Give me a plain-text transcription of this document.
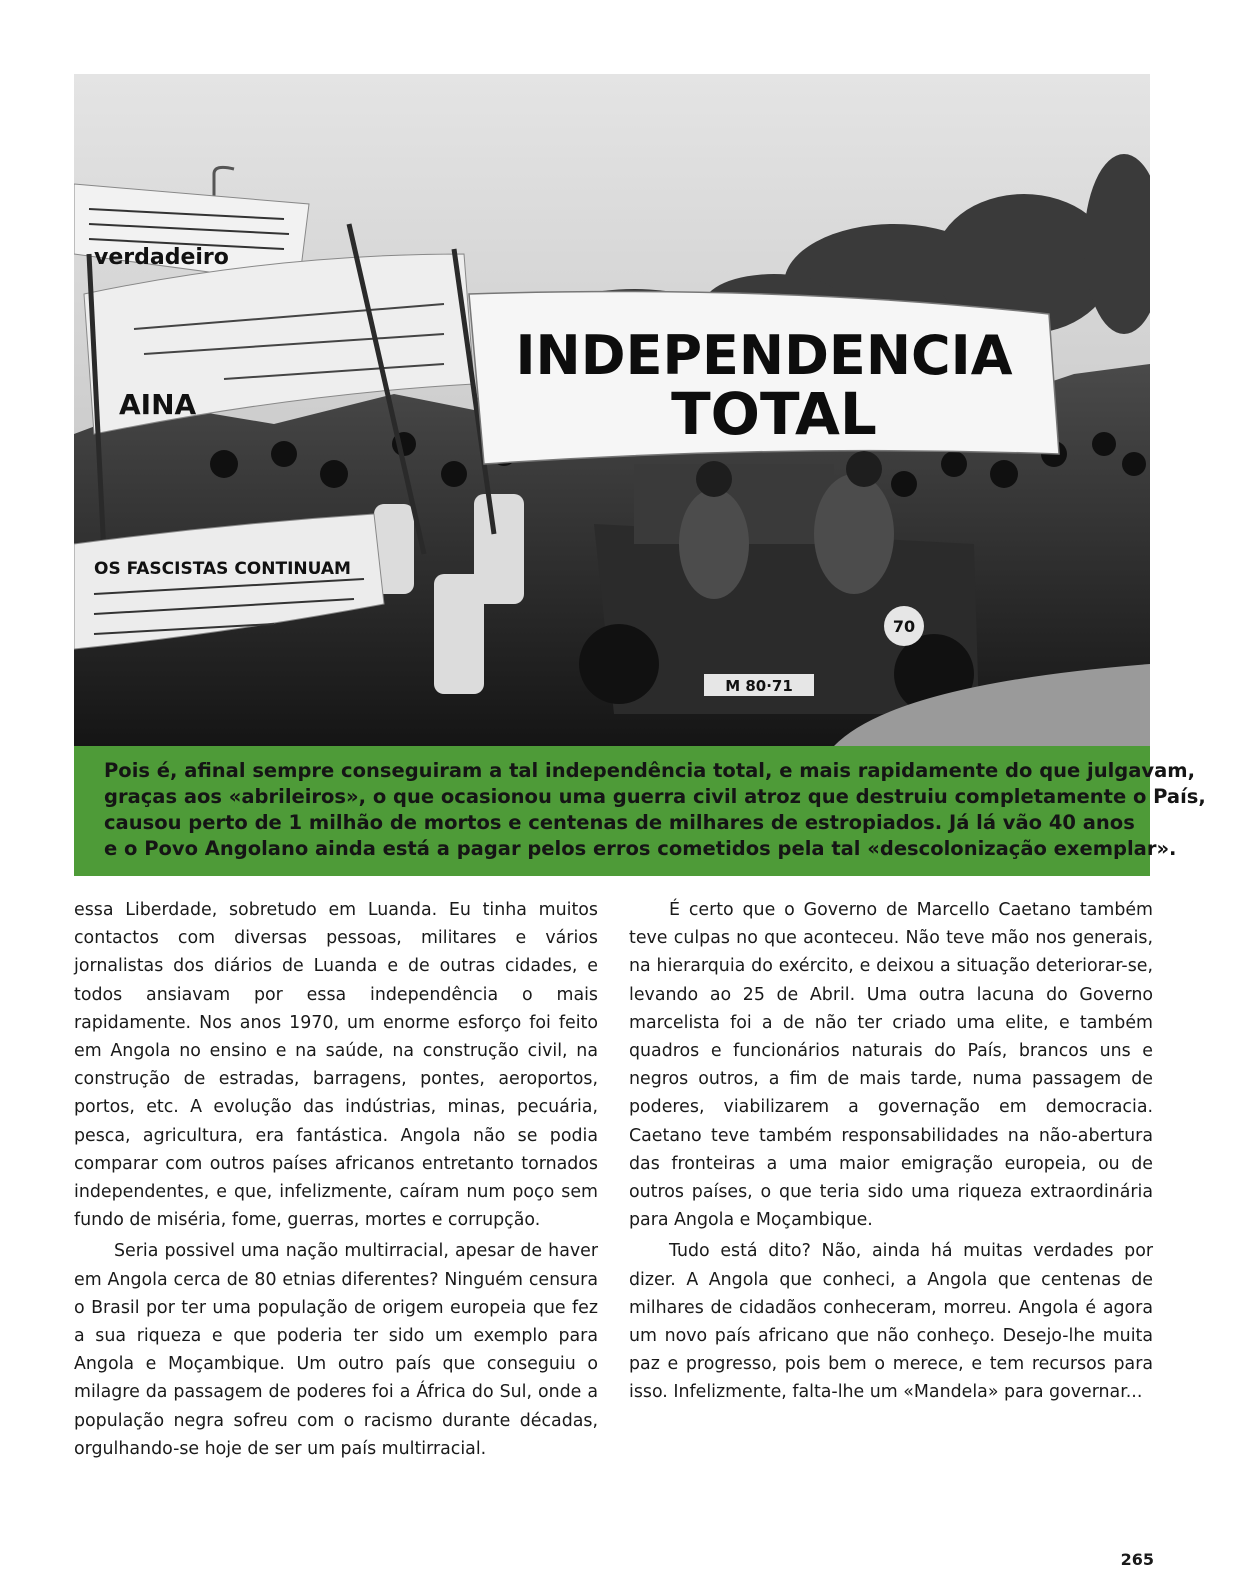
verdadeiro
AINA
INDEPENDENCIA
TOTAL
OS FASCISTAS CONTINUAM
M 80·71
70
Pois é, afinal sempre conseguiram a tal independência total, e mais rapidamente do que julgavam,
graças aos «abrileiros», o que ocasionou uma guerra civil atroz que destruiu completamente o País,
causou perto de 1 milhão de mortos e centenas de milhares de estropiados. Já lá vão 40 anos
e o Povo Angolano ainda está a pagar pelos erros cometidos pela tal «descolonização exemplar».

essa Liberdade, sobretudo em Luanda. Eu tinha muitos contactos com diversas pessoas, militares e vários jornalistas dos diários de Luanda e de outras cidades, e todos ansiavam por essa independência o mais rapidamente. Nos anos 1970, um enorme esforço foi feito em Angola no ensino e na saúde, na construção civil, na construção de estradas, barragens, pontes, aeroportos, portos, etc. A evolução das indústrias, minas, pecuária, pesca, agricultura, era fantástica. Angola não se podia comparar com outros países africanos entretanto tornados independentes, e que, infelizmente, caíram num poço sem fundo de miséria, fome, guerras, mortes e corrupção.

Seria possivel uma nação multirracial, apesar de haver em Angola cerca de 80 etnias diferentes? Ninguém censura o Brasil por ter uma população de origem europeia que fez a sua riqueza e que poderia ter sido um exemplo para Angola e Moçambique. Um outro país que conseguiu o milagre da passagem de poderes foi a África do Sul, onde a população negra sofreu com o racismo durante décadas, orgulhando-se hoje de ser um país multirracial.

É certo que o Governo de Marcello Caetano também teve culpas no que aconteceu. Não teve mão nos generais, na hierarquia do exército, e deixou a situação deteriorar-se, levando ao 25 de Abril. Uma outra lacuna do Governo marcelista foi a de não ter criado uma elite, e também quadros e funcionários naturais do País, brancos uns e negros outros, a fim de mais tarde, numa passagem de poderes, viabilizarem a governação em democracia. Caetano teve também responsabilidades na não-abertura das fronteiras a uma maior emigração europeia, ou de outros países, o que teria sido uma riqueza extraordinária para Angola e Moçambique.

Tudo está dito? Não, ainda há muitas verdades por dizer. A Angola que conheci, a Angola que centenas de milhares de cidadãos conheceram, morreu. Angola é agora um novo país africano que não conheço. Desejo-lhe muita paz e progresso, pois bem o merece, e tem recursos para isso. Infelizmente, falta-lhe um «Mandela» para governar...

265
